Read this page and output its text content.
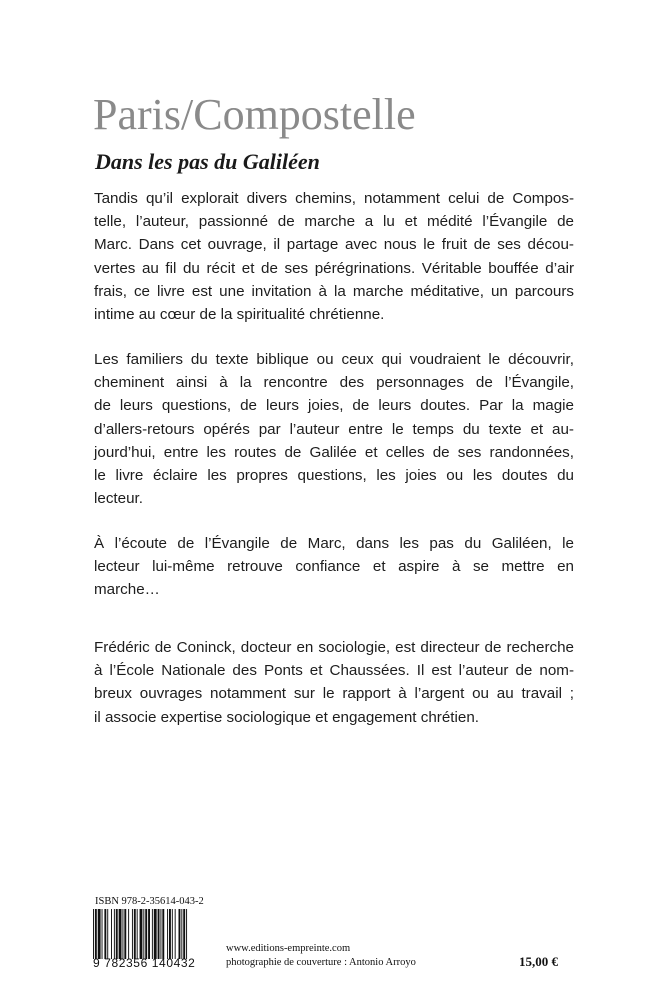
Paris/Compostelle
Dans les pas du Galiléen

Tandis qu’il explorait divers chemins, notamment celui de Compos-
telle, l’auteur, passionné de marche a lu et médité l’Évangile de
Marc. Dans cet ouvrage, il partage avec nous le fruit de ses décou-
vertes au fil du récit et de ses pérégrinations. Véritable bouffée d’air
frais, ce livre est une invitation à la marche méditative, un parcours
intime au cœur de la spiritualité chrétienne.

Les familiers du texte biblique ou ceux qui voudraient le découvrir,
cheminent ainsi à la rencontre des personnages de l’Évangile,
de leurs questions, de leurs joies, de leurs doutes. Par la magie
d’allers-retours opérés par l’auteur entre le temps du texte et au-
jourd’hui, entre les routes de Galilée et celles de ses randonnées,
le livre éclaire les propres questions, les joies ou les doutes du
lecteur.

À l’écoute de l’Évangile de Marc, dans les pas du Galiléen, le
lecteur lui-même retrouve confiance et aspire à se mettre en
marche…

Frédéric de Coninck, docteur en sociologie, est directeur de recherche
à l’École Nationale des Ponts et Chaussées. Il est l’auteur de nom-
breux ouvrages notamment sur le rapport à l’argent ou au travail ;
il associe expertise sociologique et engagement chrétien.

ISBN 978-2-35614-043-2
9 782356 140432
www.editions-empreinte.com
photographie de couverture : Antonio Arroyo	15,00 €
